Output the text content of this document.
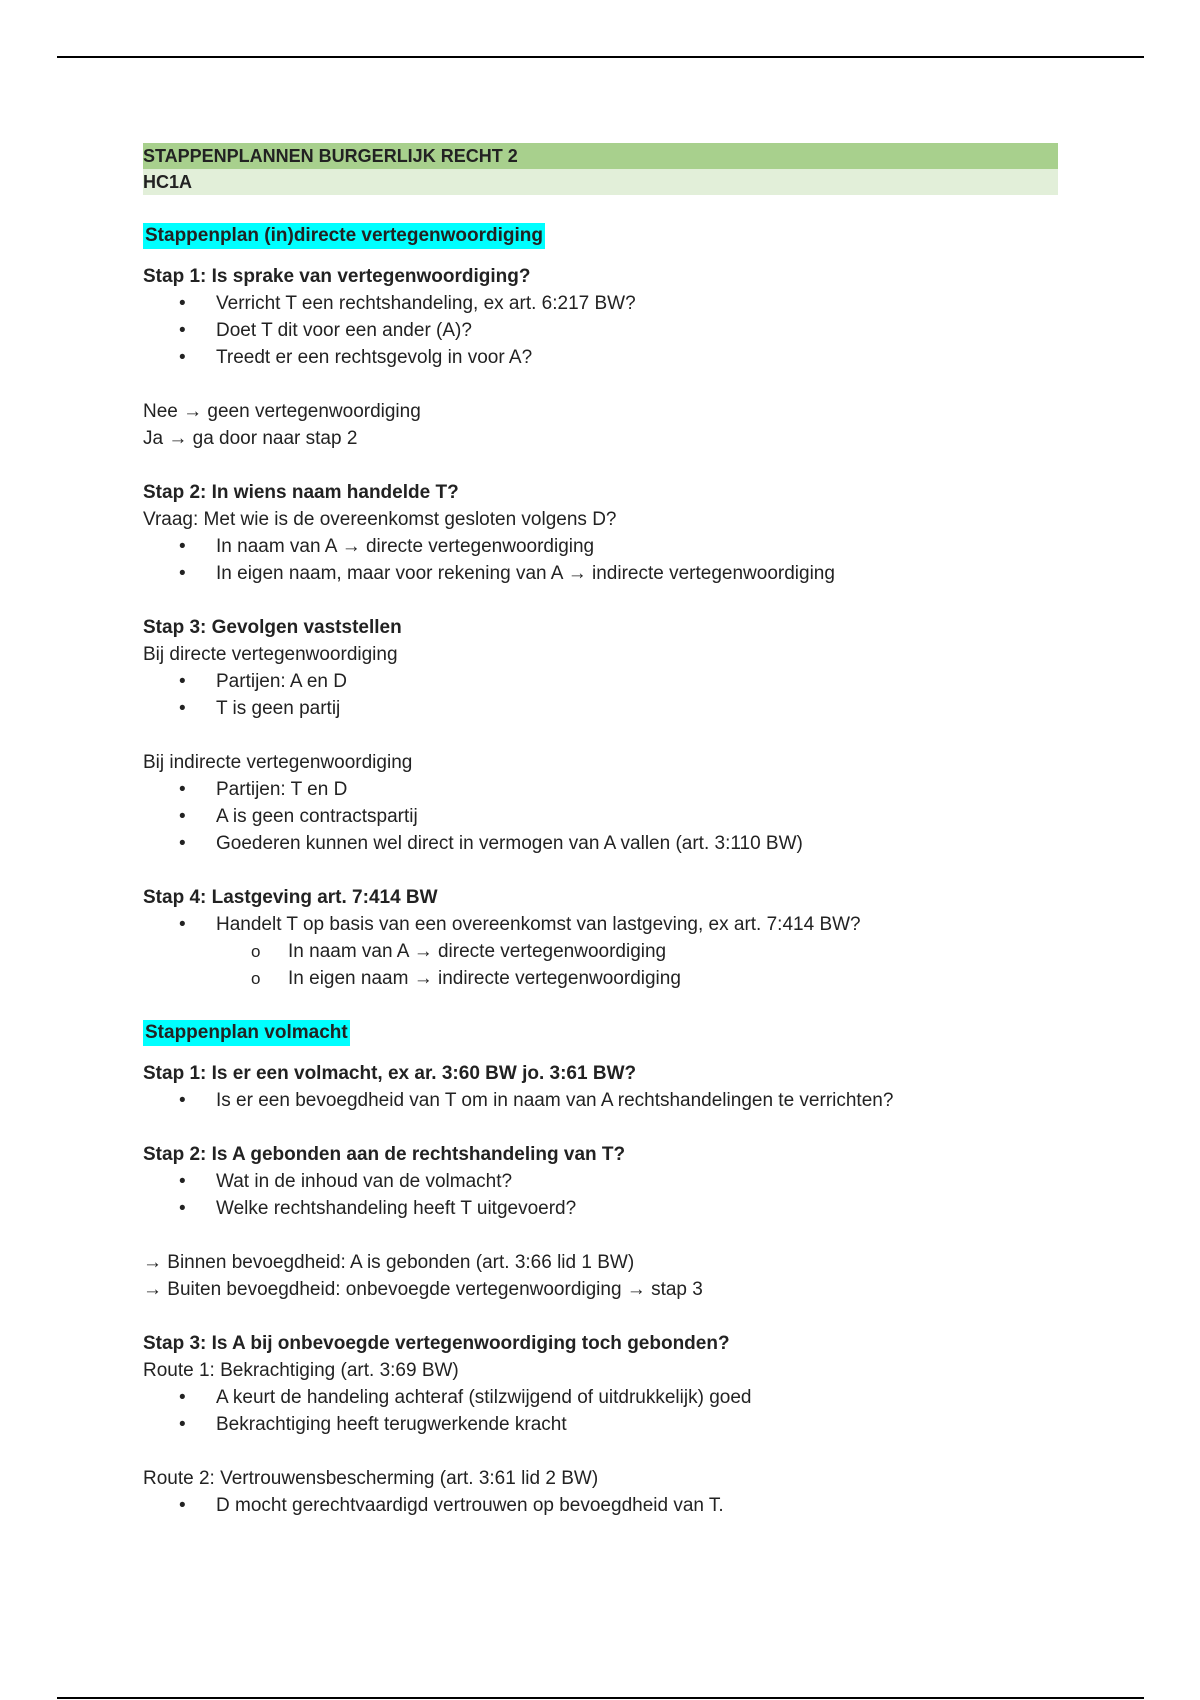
STAPPENPLANNEN BURGERLIJK RECHT 2
HC1A
Stappenplan (in)directe vertegenwoordiging

Stap 1: Is sprake van vertegenwoordiging?

• Verricht T een rechtshandeling, ex art. 6:217 BW?
• Doet T dit voor een ander (A)?
• Treedt er een rechtsgevolg in voor A?

Nee → geen vertegenwoordiging

Ja → ga door naar stap 2

Stap 2: In wiens naam handelde T?

Vraag: Met wie is de overeenkomst gesloten volgens D?

• In naam van A → directe vertegenwoordiging
• In eigen naam, maar voor rekening van A → indirecte vertegenwoordiging

Stap 3: Gevolgen vaststellen

Bij directe vertegenwoordiging

• Partijen: A en D
• T is geen partij

Bij indirecte vertegenwoordiging

• Partijen: T en D
• A is geen contractspartij
• Goederen kunnen wel direct in vermogen van A vallen (art. 3:110 BW)

Stap 4: Lastgeving art. 7:414 BW

• Handelt T op basis van een overeenkomst van lastgeving, ex art. 7:414 BW?
o In naam van A → directe vertegenwoordiging
o In eigen naam → indirecte vertegenwoordiging
Stappenplan volmacht

Stap 1: Is er een volmacht, ex ar. 3:60 BW jo. 3:61 BW?

• Is er een bevoegdheid van T om in naam van A rechtshandelingen te verrichten?

Stap 2: Is A gebonden aan de rechtshandeling van T?

• Wat in de inhoud van de volmacht?
• Welke rechtshandeling heeft T uitgevoerd?

→ Binnen bevoegdheid: A is gebonden (art. 3:66 lid 1 BW)

→ Buiten bevoegdheid: onbevoegde vertegenwoordiging → stap 3

Stap 3: Is A bij onbevoegde vertegenwoordiging toch gebonden?

Route 1: Bekrachtiging (art. 3:69 BW)

• A keurt de handeling achteraf (stilzwijgend of uitdrukkelijk) goed
• Bekrachtiging heeft terugwerkende kracht

Route 2: Vertrouwensbescherming (art. 3:61 lid 2 BW)

• D mocht gerechtvaardigd vertrouwen op bevoegdheid van T.
